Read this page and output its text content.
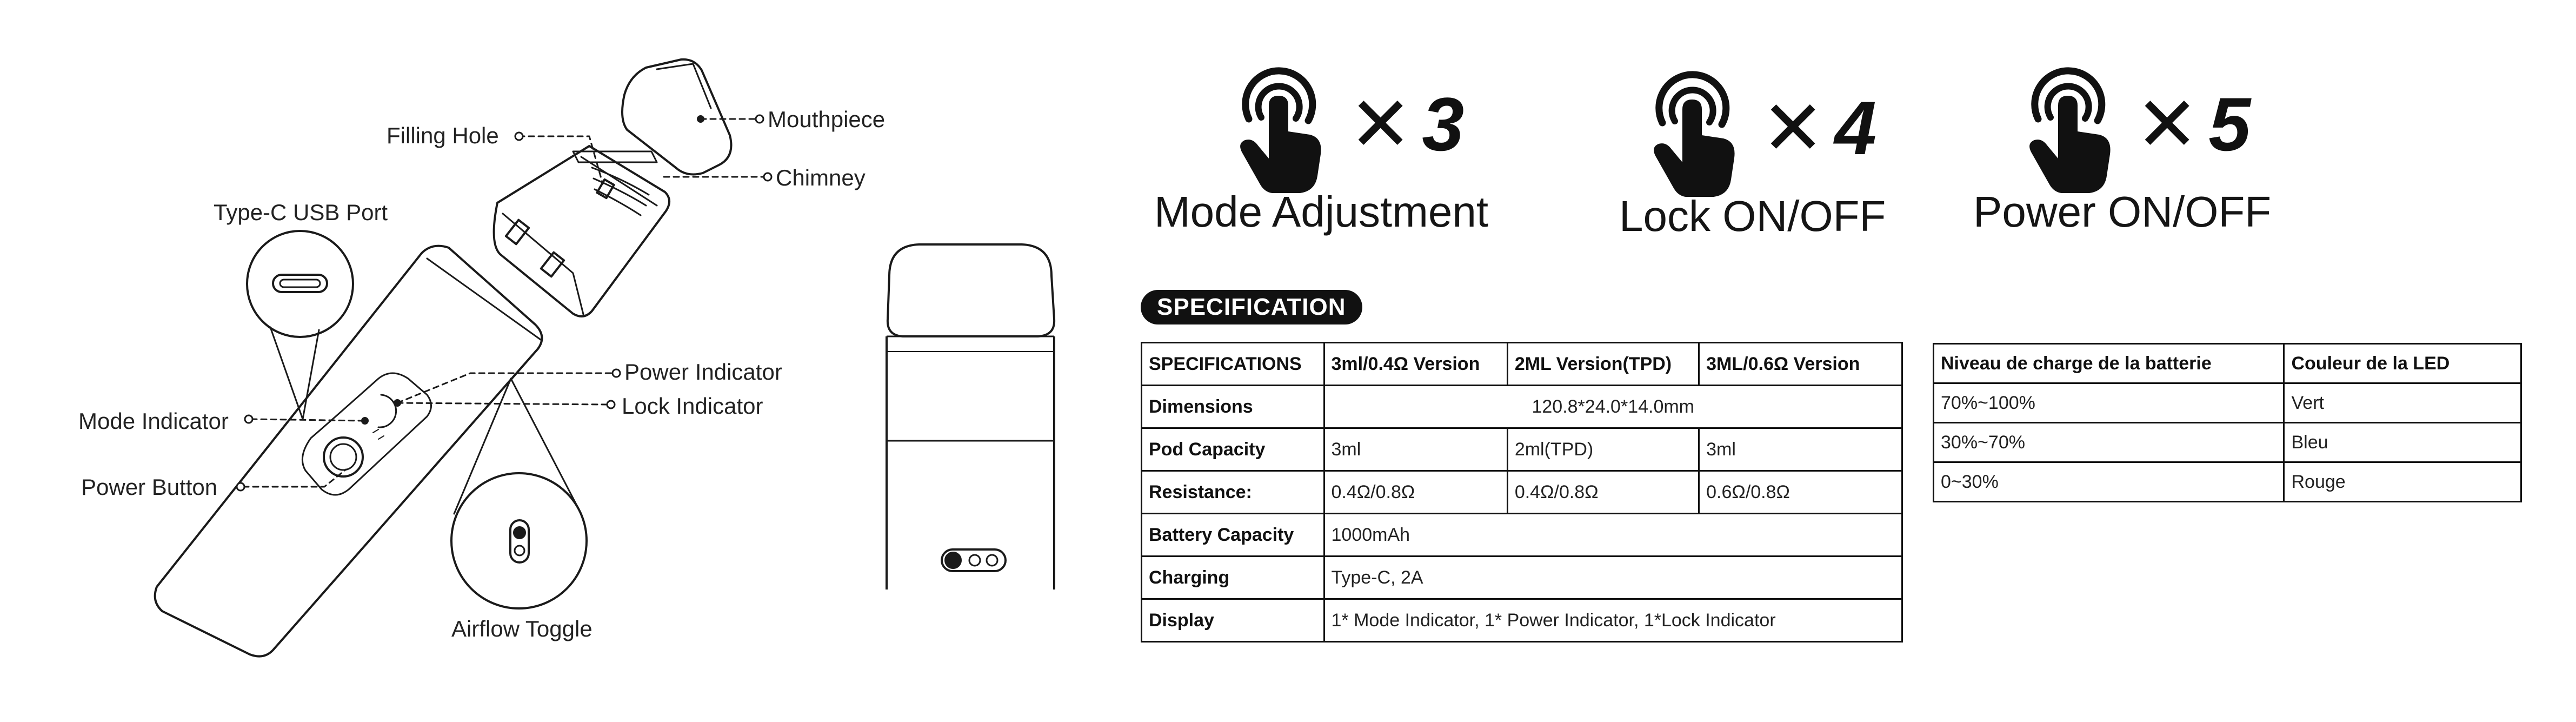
Filling Hole
Mouthpiece
Chimney
Type-C USB Port
Power Indicator
Lock Indicator
Mode Indicator
Power Button
Airflow Toggle
✕ 3
Mode Adjustment
✕ 4
Lock ON/OFF
✕ 5
Power ON/OFF
SPECIFICATION
SPECIFICATIONS	3ml/0.4Ω Version	2ML Version(TPD)	3ML/0.6Ω Version
Dimensions	120.8*24.0*14.0mm		
Pod Capacity	3ml	2ml(TPD)	3ml
Resistance:	0.4Ω/0.8Ω	0.4Ω/0.8Ω	0.6Ω/0.8Ω
Battery Capacity	1000mAh		
Charging	Type-C, 2A		
Display	1* Mode Indicator, 1* Power Indicator, 1*Lock Indicator		
Niveau de charge de la batterie	Couleur de la LED
70%~100%	Vert
30%~70%	Bleu
0~30%	Rouge
